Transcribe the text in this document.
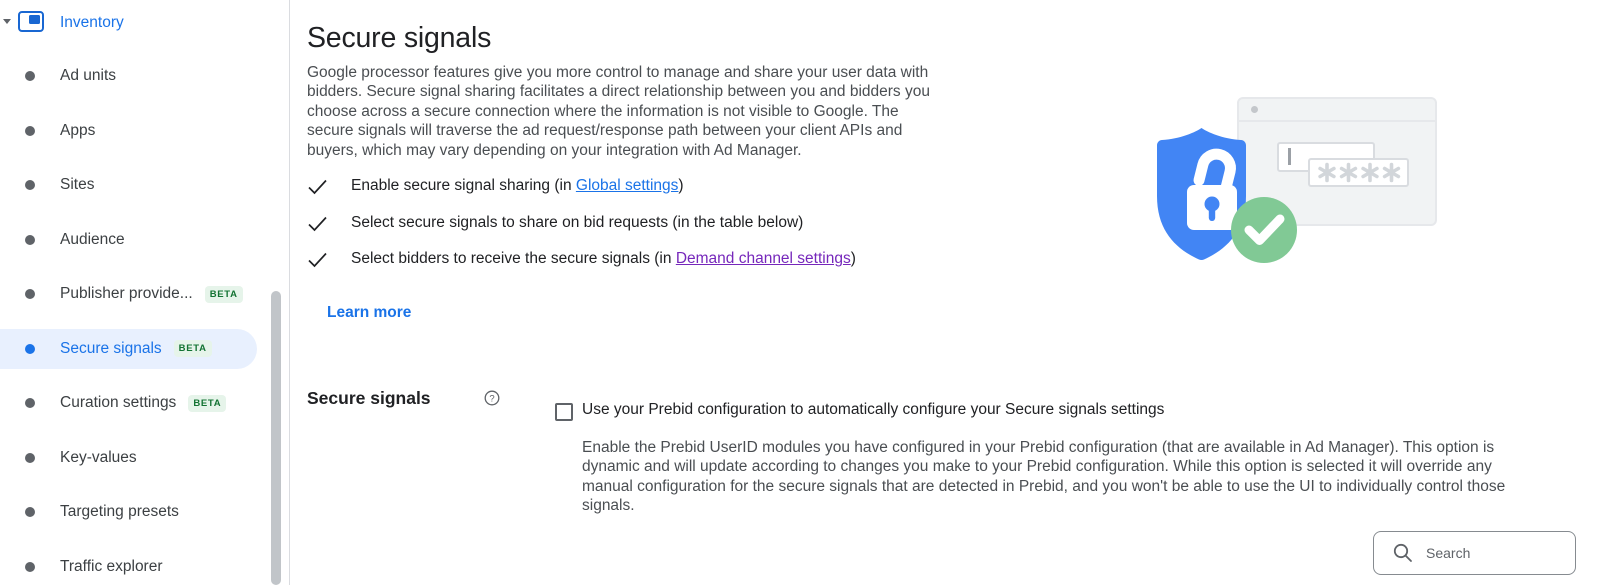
Inventory
Ad units
Apps
Sites
Audience
Publisher provide...	BETA
Secure signals	BETA
Curation settings	BETA
Key-values
Targeting presets
Traffic explorer
Secure signals
Google processor features give you more control to manage and share your user data with bidders. Secure signal sharing facilitates a direct relationship between you and bidders you choose across a secure connection where the information is not visible to Google. The secure signals will traverse the ad request/response path between your client APIs and buyers, which may vary depending on your integration with Ad Manager.
Enable secure signal sharing (in Global settings)
Select secure signals to share on bid requests (in the table below)
Select bidders to receive the secure signals (in Demand channel settings)
Learn more
Secure signals	?
Use your Prebid configuration to automatically configure your Secure signals settings
Enable the Prebid UserID modules you have configured in your Prebid configuration (that are available in Ad Manager). This option is dynamic and will update according to changes you make to your Prebid configuration. While this option is selected it will override any manual configuration for the secure signals that are detected in Prebid, and you won't be able to use the UI to individually control those signals.
Search
